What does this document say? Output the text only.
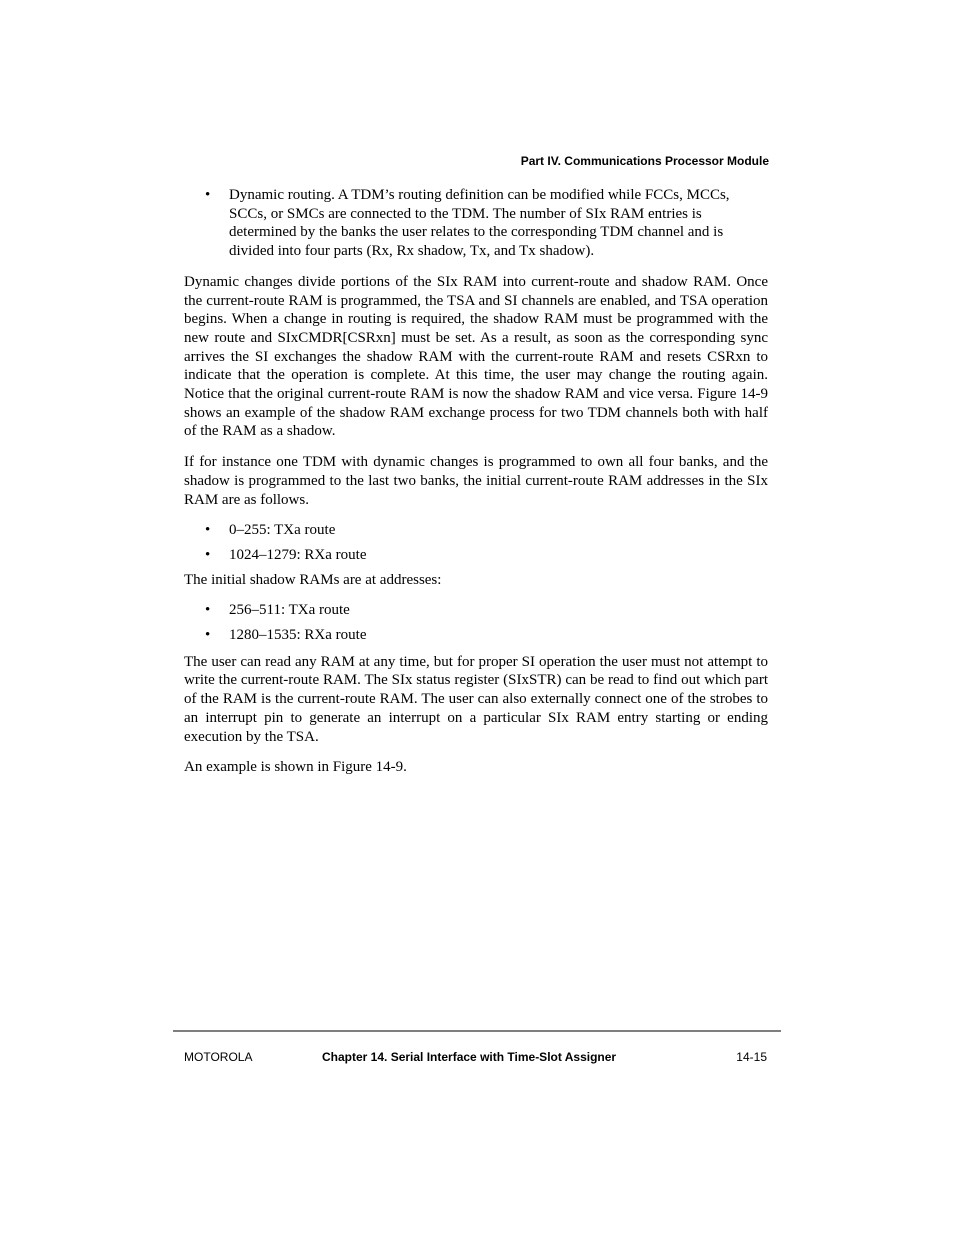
Part IV. Communications Processor Module
• Dynamic routing. A TDM’s routing definition can be modified while FCCs, MCCs, SCCs, or SMCs are connected to the TDM. The number of SIx RAM entries is determined by the banks the user relates to the corresponding TDM channel and is divided into four parts (Rx, Rx shadow, Tx, and Tx shadow).

Dynamic changes divide portions of the SIx RAM into current-route and shadow RAM. Once the current-route RAM is programmed, the TSA and SI channels are enabled, and TSA operation begins. When a change in routing is required, the shadow RAM must be programmed with the new route and SIxCMDR[CSRxn] must be set. As a result, as soon as the corresponding sync arrives the SI exchanges the shadow RAM with the current-route RAM and resets CSRxn to indicate that the operation is complete. At this time, the user may change the routing again. Notice that the original current-route RAM is now the shadow RAM and vice versa. Figure 14-9 shows an example of the shadow RAM exchange process for two TDM channels both with half of the RAM as a shadow.

If for instance one TDM with dynamic changes is programmed to own all four banks, and the shadow is programmed to the last two banks, the initial current-route RAM addresses in the SIx RAM are as follows.

• 0–255: TXa route
• 1024–1279: RXa route

The initial shadow RAMs are at addresses:

• 256–511: TXa route
• 1280–1535: RXa route

The user can read any RAM at any time, but for proper SI operation the user must not attempt to write the current-route RAM. The SIx status register (SIxSTR) can be read to find out which part of the RAM is the current-route RAM. The user can also externally connect one of the strobes to an interrupt pin to generate an interrupt on a particular SIx RAM entry starting or ending execution by the TSA.

An example is shown in Figure 14-9.

MOTOROLA	Chapter 14. Serial Interface with Time-Slot Assigner	14-15
